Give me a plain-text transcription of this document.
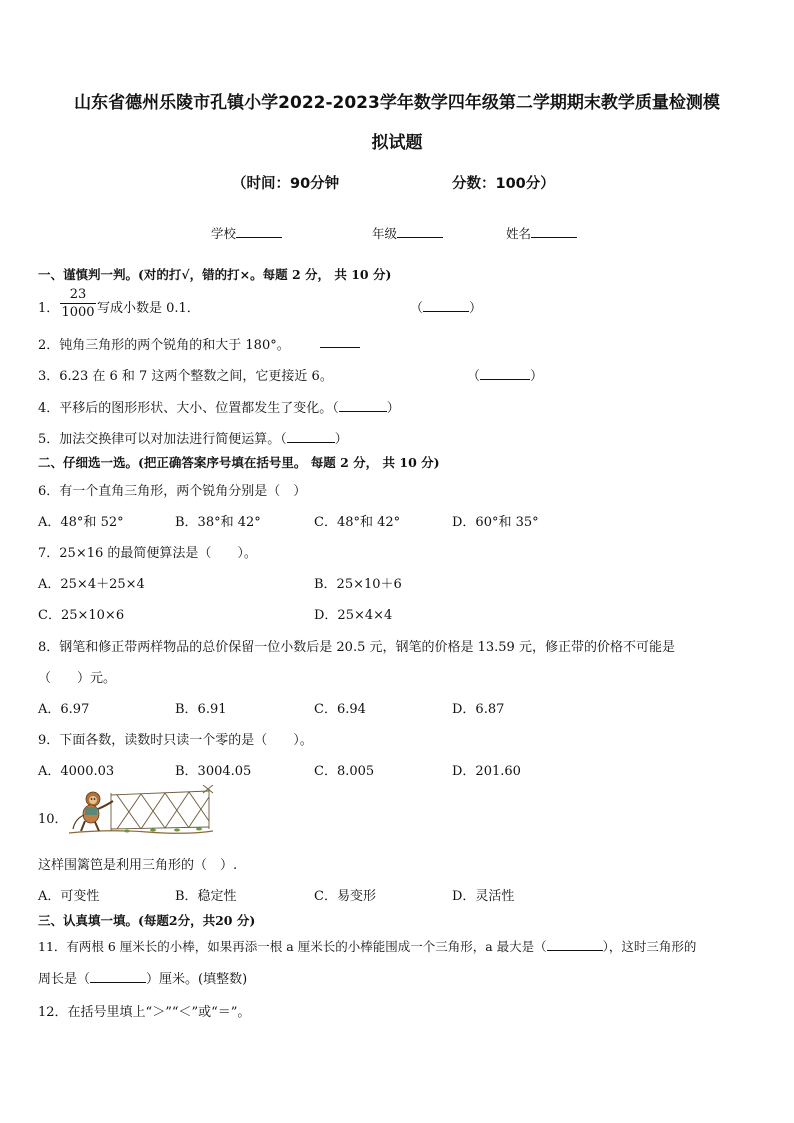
山东省德州乐陵市孔镇小学2022-2023学年数学四年级第二学期期末教学质量检测模
拟试题
（时间：90分钟	分数：100分）
学校	年级	姓名
一、谨慎判一判。(对的打√，错的打×。每题 2 分， 共 10 分)
1． $\frac{23}{1000}$ 写成小数是 0.1．	（	）
2．钝角三角形的两个锐角的和大于 180°。
3．6.23 在 6 和 7 这两个整数之间，它更接近 6。	（	）
4．平移后的图形形状、大小、位置都发生了变化。（	）
5．加法交换律可以对加法进行简便运算。（	）
二、仔细选一选。(把正确答案序号填在括号里。 每题 2 分， 共 10 分)
6．有一个直角三角形，两个锐角分别是（　）
A．48°和 52°	B．38°和 42°	C．48°和 42°	D．60°和 35°
7．25×16 的最简便算法是（　　）。
A．25×4＋25×4	B．25×10＋6
C．25×10×6	D．25×4×4
8．钢笔和修正带两样物品的总价保留一位小数后是 20.5 元，钢笔的价格是 13.59 元，修正带的价格不可能是
（　　）元。
A．6.97	B．6.91	C．6.94	D．6.87
9．下面各数，读数时只读一个零的是（　　）。
A．4000.03	B．3004.05	C．8.005	D．201.60
10．
这样围篱笆是利用三角形的（　）.
A．可变性	B．稳定性	C．易变形	D．灵活性
三、认真填一填。(每题2分，共20 分)
11．有两根 6 厘米长的小棒，如果再添一根 a 厘米长的小棒能围成一个三角形，a 最大是（	），这时三角形的
周长是（	）厘米。(填整数)
12．在括号里填上“＞”“＜”或“＝”。
